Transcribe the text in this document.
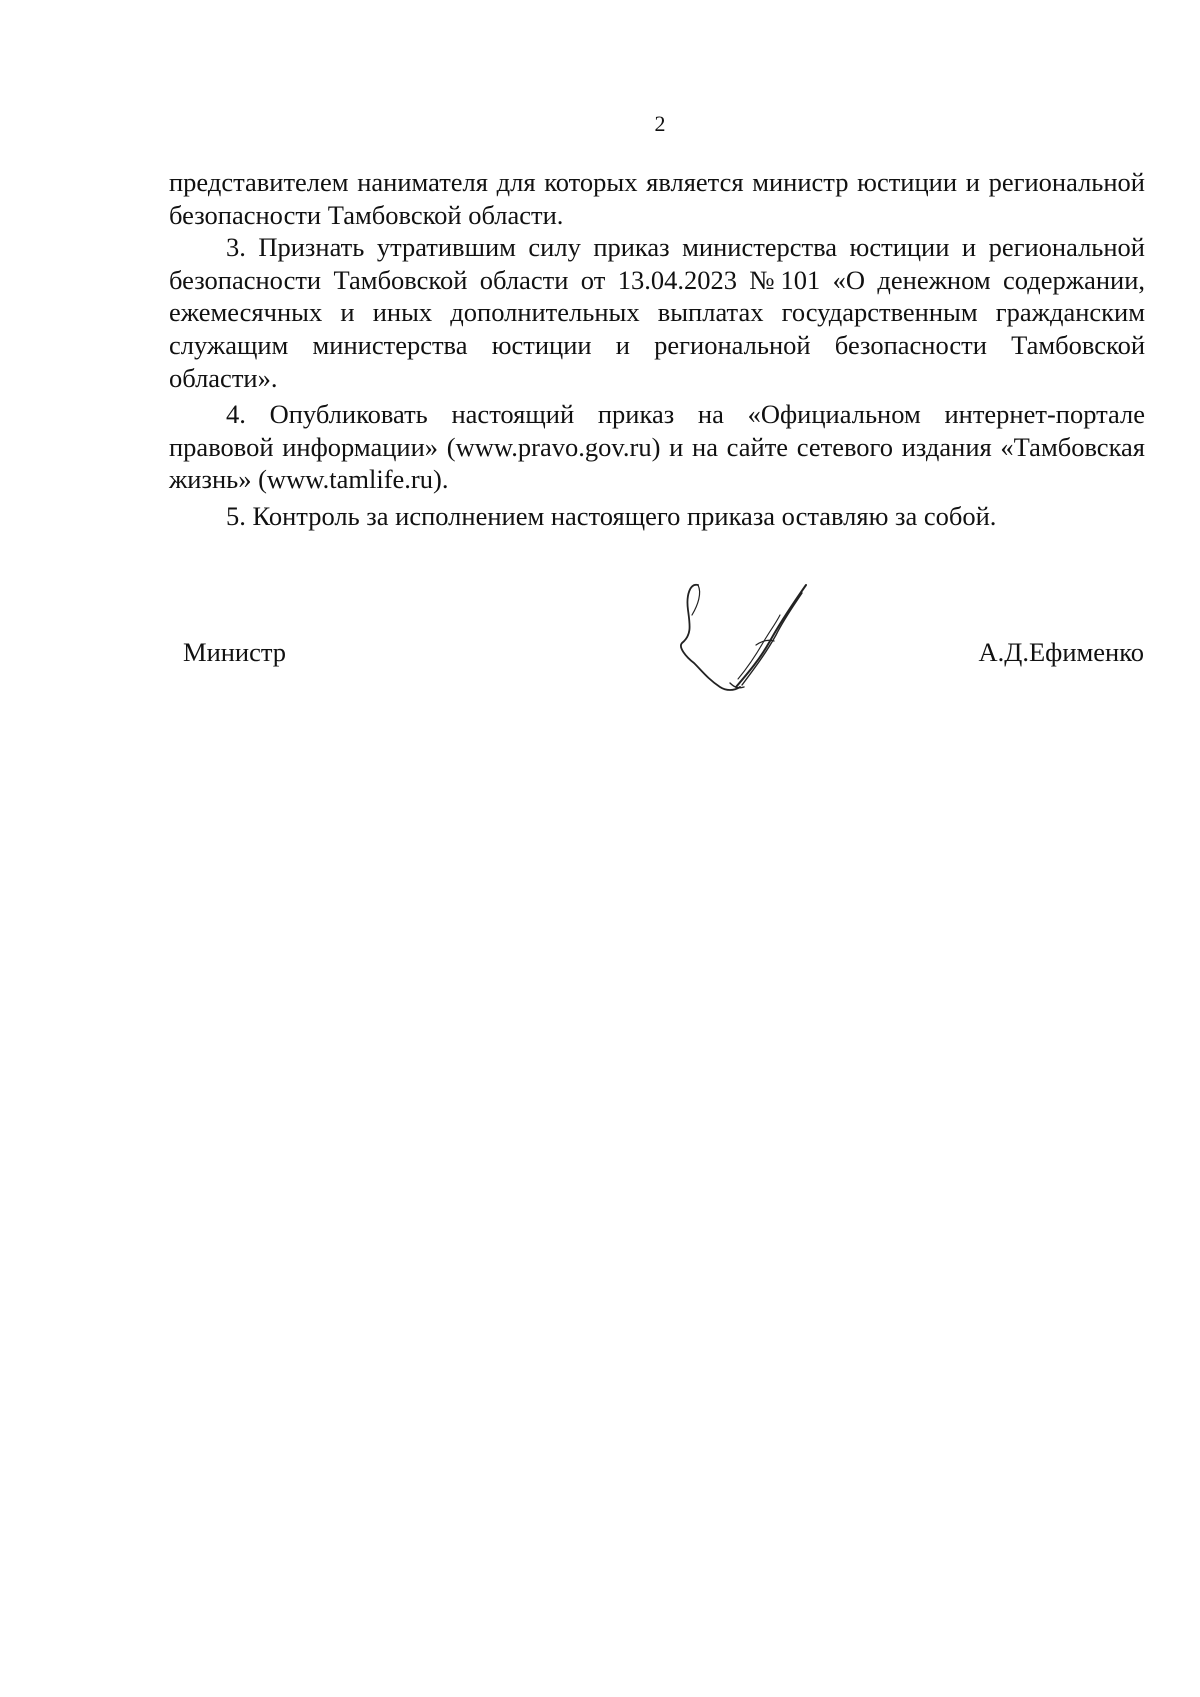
2

представителем нанимателя для которых является министр юстиции и региональной безопасности Тамбовской области.

3. Признать утратившим силу приказ министерства юстиции и региональной безопасности Тамбовской области от 13.04.2023 №101 «О денежном содержании, ежемесячных и иных дополнительных выплатах государственным гражданским служащим министерства юстиции и региональной безопасности Тамбовской области».

4. Опубликовать настоящий приказ на «Официальном интернет-портале правовой информации» (www.pravo.gov.ru) и на сайте сетевого издания «Тамбовская жизнь» (www.tamlife.ru).

5. Контроль за исполнением настоящего приказа оставляю за собой.

Министр	А.Д.Ефименко
